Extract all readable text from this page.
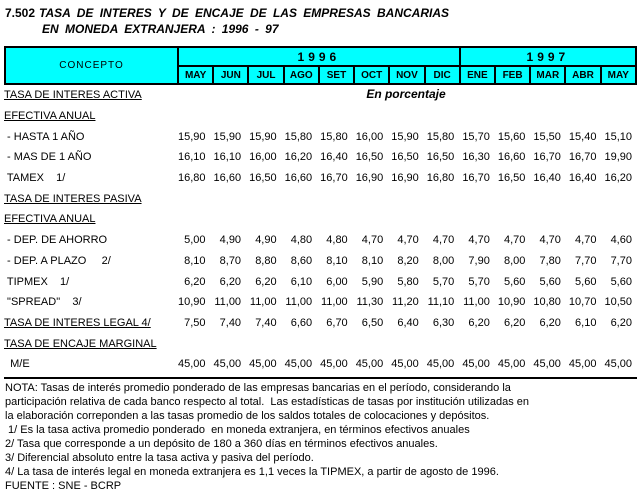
7.502 TASA DE INTERES Y DE ENCAJE DE LAS EMPRESAS BANCARIAS
EN MONEDA EXTRANJERA : 1996 - 97
CONCEPTO	1996								1997				
	MAY	JUN	JUL	AGO	SET	OCT	NOV	DIC	ENE	FEB	MAR	ABR	MAY
TASA DE INTERES ACTIVA	En porcentaje
EFECTIVA ANUAL
- HASTA 1 AÑO	15,90 15,90 15,90 15,80 15,80 16,00 15,90 15,80 15,70 15,60 15,50 15,40 15,10
- MAS DE 1 AÑO	16,10 16,10 16,00 16,20 16,40 16,50 16,50 16,50 16,30 16,60 16,70 16,70 19,90
TAMEX    1/	16,80 16,60 16,50 16,60 16,70 16,90 16,90 16,80 16,70 16,50 16,40 16,40 16,20
TASA DE INTERES PASIVA
EFECTIVA ANUAL
- DEP. DE AHORRO	5,00	4,90	4,90	4,80	4,80	4,70	4,70	4,70	4,70	4,70	4,70	4,70	4,60
- DEP. A PLAZO     2/	8,10	8,70	8,80	8,60	8,10	8,10	8,20	8,00	7,90	8,00	7,80	7,70	7,70
TIPMEX    1/	6,20	6,20	6,20	6,10	6,00	5,90	5,80	5,70	5,70	5,60	5,60	5,60	5,60
"SPREAD"    3/	10,90 11,00 11,00 11,00 11,00 11,30 11,20 11,10 11,00 10,90 10,80 10,70 10,50
TASA DE INTERES LEGAL 4/	7,50	7,40	7,40	6,60	6,70	6,50	6,40	6,30	6,20	6,20	6,20	6,10	6,20
TASA DE ENCAJE MARGINAL
M/E	45,00 45,00 45,00 45,00 45,00 45,00 45,00 45,00 45,00 45,00 45,00 45,00 45,00
NOTA: Tasas de interés promedio ponderado de las empresas bancarias en el período, considerando la
participación relativa de cada banco respecto al total.  Las estadísticas de tasas por institución utilizadas en
la elaboración correponden a las tasas promedio de los saldos totales de colocaciones y depósitos.
1/ Es la tasa activa promedio ponderado  en moneda extranjera, en términos efectivos anuales
2/ Tasa que corresponde a un depósito de 180 a 360 días en términos efectivos anuales.
3/ Diferencial absoluto entre la tasa activa y pasiva del período.
4/ La tasa de interés legal en moneda extranjera es 1,1 veces la TIPMEX, a partir de agosto de 1996.
FUENTE : SNE - BCRP
